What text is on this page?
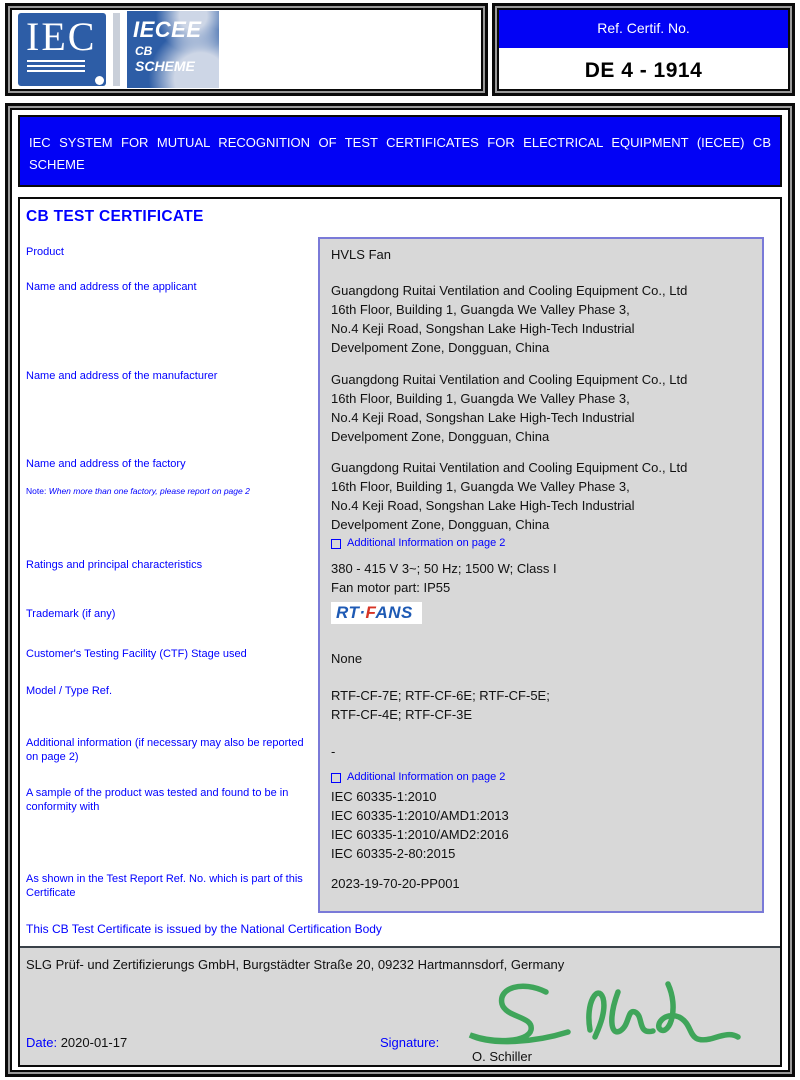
IEC	IECEE
CB
SCHEME
Ref. Certif. No.
DE 4 - 1914
IEC SYSTEM FOR MUTUAL RECOGNITION OF TEST CERTIFICATES FOR ELECTRICAL EQUIPMENT (IECEE) CB SCHEME
CB TEST CERTIFICATE
Product
Name and address of the applicant
Name and address of the manufacturer
Name and address of the factory
Note: When more than one factory, please report on page 2
Ratings and principal characteristics
Trademark (if any)
Customer's Testing Facility (CTF) Stage used
Model / Type Ref.
Additional information (if necessary may also be reported on page 2)
A sample of the product was tested and found to be in conformity with
As shown in the Test Report Ref. No. which is part of this Certificate
HVLS Fan
Guangdong Ruitai Ventilation and Cooling Equipment Co., Ltd
16th Floor, Building 1, Guangda We Valley Phase 3,
No.4 Keji Road, Songshan Lake High-Tech Industrial
Develpoment Zone, Dongguan, China
Guangdong Ruitai Ventilation and Cooling Equipment Co., Ltd
16th Floor, Building 1, Guangda We Valley Phase 3,
No.4 Keji Road, Songshan Lake High-Tech Industrial
Develpoment Zone, Dongguan, China
Guangdong Ruitai Ventilation and Cooling Equipment Co., Ltd
16th Floor, Building 1, Guangda We Valley Phase 3,
No.4 Keji Road, Songshan Lake High-Tech Industrial
Develpoment Zone, Dongguan, China
Additional Information on page 2
380 - 415 V 3~; 50 Hz; 1500 W; Class I
Fan motor part: IP55
RT·FANS
None
RTF-CF-7E; RTF-CF-6E; RTF-CF-5E;
RTF-CF-4E; RTF-CF-3E
-
Additional Information on page 2
IEC 60335-1:2010
IEC 60335-1:2010/AMD1:2013
IEC 60335-1:2010/AMD2:2016
IEC 60335-2-80:2015
2023-19-70-20-PP001
This CB Test Certificate is issued by the National Certification Body
SLG Prüf- und Zertifizierungs GmbH, Burgstädter Straße 20, 09232 Hartmannsdorf, Germany
Date: 2020-01-17	Signature:
O. Schiller
